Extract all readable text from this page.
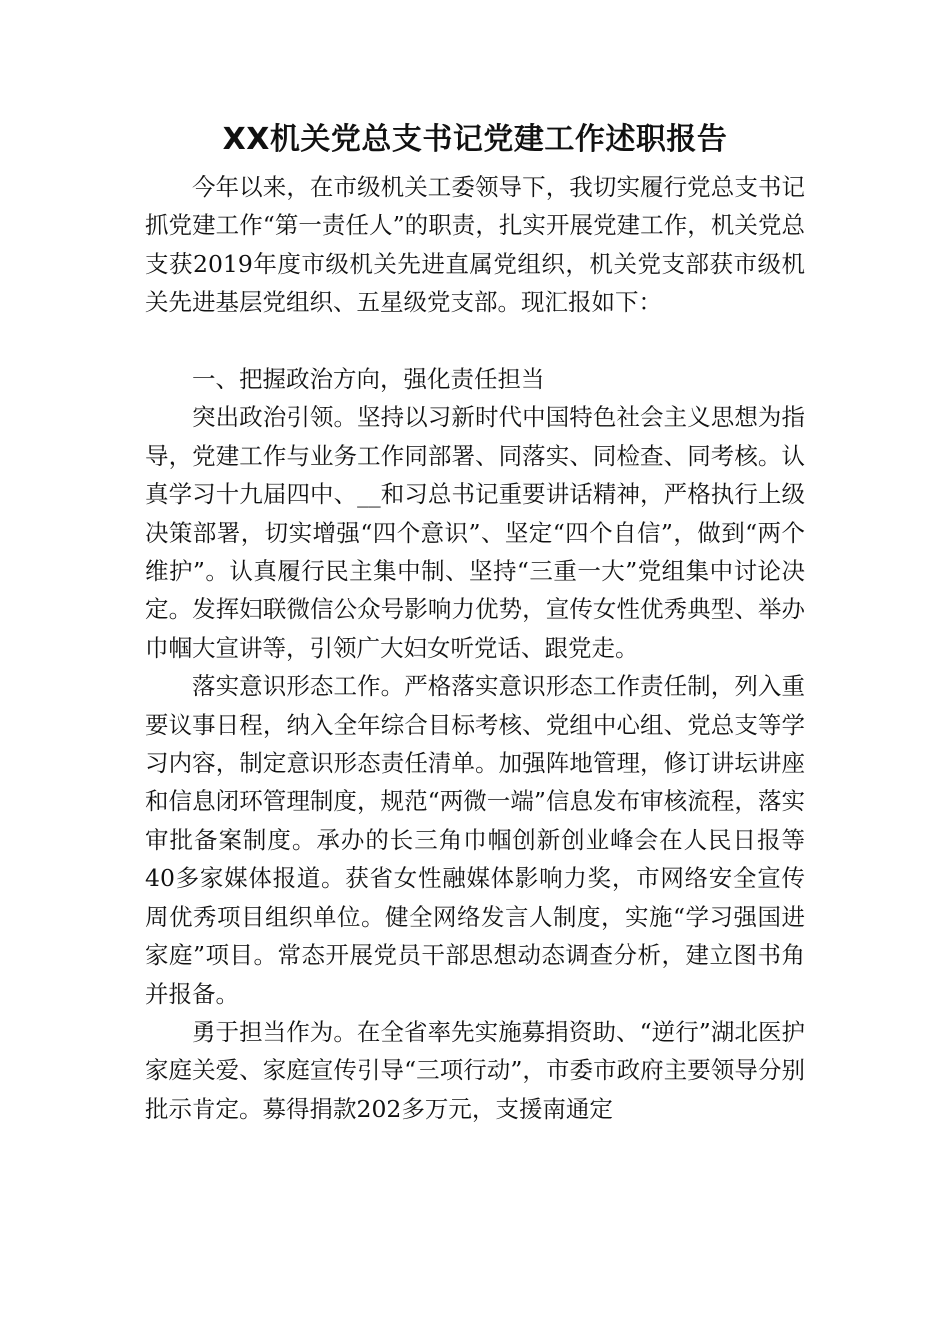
XX机关党总支书记党建工作述职报告

今年以来，在市级机关工委领导下，我切实履行党总支书记抓党建工作“第一责任人”的职责，扎实开展党建工作，机关党总支获2019年度市级机关先进直属党组织，机关党支部获市级机关先进基层党组织、五星级党支部。现汇报如下：

一、把握政治方向，强化责任担当

突出政治引领。坚持以习新时代中国特色社会主义思想为指导，党建工作与业务工作同部署、同落实、同检查、同考核。认真学习十九届四中、__和习总书记重要讲话精神，严格执行上级决策部署，切实增强“四个意识”、坚定“四个自信”，做到“两个维护”。认真履行民主集中制、坚持“三重一大”党组集中讨论决定。发挥妇联微信公众号影响力优势，宣传女性优秀典型、举办巾帼大宣讲等，引领广大妇女听党话、跟党走。

落实意识形态工作。严格落实意识形态工作责任制，列入重要议事日程，纳入全年综合目标考核、党组中心组、党总支等学习内容，制定意识形态责任清单。加强阵地管理，修订讲坛讲座和信息闭环管理制度，规范“两微一端”信息发布审核流程，落实审批备案制度。承办的长三角巾帼创新创业峰会在人民日报等40多家媒体报道。获省女性融媒体影响力奖，市网络安全宣传周优秀项目组织单位。健全网络发言人制度，实施“学习强国进家庭”项目。常态开展党员干部思想动态调查分析，建立图书角并报备。

勇于担当作为。在全省率先实施募捐资助、“逆行”湖北医护家庭关爱、家庭宣传引导“三项行动”，市委市政府主要领导分别批示肯定。募得捐款202多万元，支援南通定
